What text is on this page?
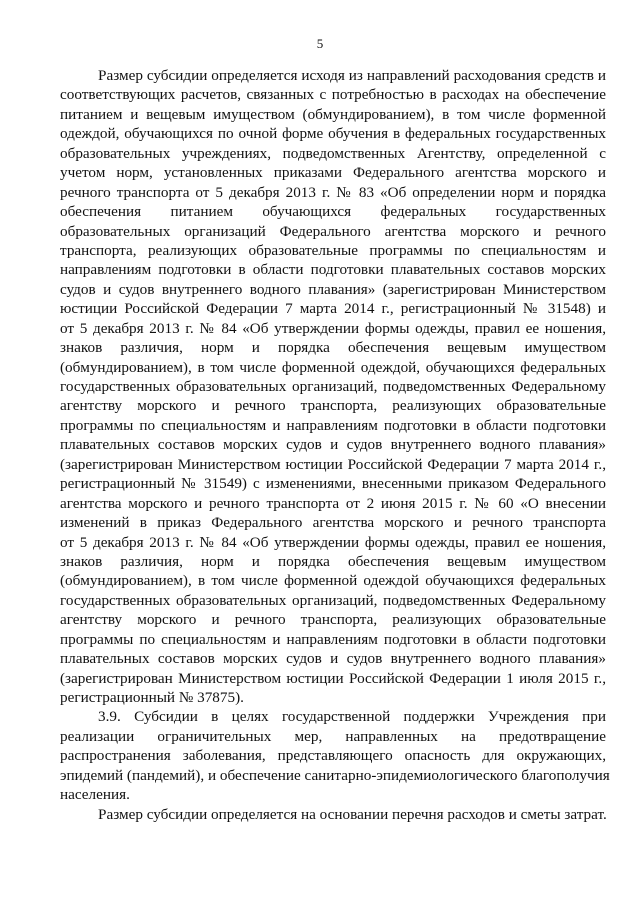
5
Размер субсидии определяется исходя из направлений расходования средств и
соответствующих расчетов, связанных с потребностью в расходах на обеспечение
питанием и вещевым имуществом (обмундированием), в том числе форменной
одеждой, обучающихся по очной форме обучения в федеральных государственных
образовательных учреждениях, подведомственных Агентству, определенной с
учетом норм, установленных приказами Федерального агентства морского и
речного транспорта от 5 декабря 2013 г. № 83 «Об определении норм и порядка
обеспечения питанием обучающихся федеральных государственных
образовательных организаций Федерального агентства морского и речного
транспорта, реализующих образовательные программы по специальностям и
направлениям подготовки в области подготовки плавательных составов морских
судов и судов внутреннего водного плавания» (зарегистрирован Министерством
юстиции Российской Федерации 7 марта 2014 г., регистрационный № 31548) и
от 5 декабря 2013 г. № 84 «Об утверждении формы одежды, правил ее ношения,
знаков различия, норм и порядка обеспечения вещевым имуществом
(обмундированием), в том числе форменной одеждой, обучающихся федеральных
государственных образовательных организаций, подведомственных Федеральному
агентству морского и речного транспорта, реализующих образовательные
программы по специальностям и направлениям подготовки в области подготовки
плавательных составов морских судов и судов внутреннего водного плавания»
(зарегистрирован Министерством юстиции Российской Федерации 7 марта 2014 г.,
регистрационный № 31549) с изменениями, внесенными приказом Федерального
агентства морского и речного транспорта от 2 июня 2015 г. № 60 «О внесении
изменений в приказ Федерального агентства морского и речного транспорта
от 5 декабря 2013 г. № 84 «Об утверждении формы одежды, правил ее ношения,
знаков различия, норм и порядка обеспечения вещевым имуществом
(обмундированием), в том числе форменной одеждой обучающихся федеральных
государственных образовательных организаций, подведомственных Федеральному
агентству морского и речного транспорта, реализующих образовательные
программы по специальностям и направлениям подготовки в области подготовки
плавательных составов морских судов и судов внутреннего водного плавания»
(зарегистрирован Министерством юстиции Российской Федерации 1 июля 2015 г.,
регистрационный № 37875).
3.9. Субсидии в целях государственной поддержки Учреждения при
реализации ограничительных мер, направленных на предотвращение
распространения заболевания, представляющего опасность для окружающих,
эпидемий (пандемий), и обеспечение санитарно-эпидемиологического благополучия
населения.
Размер субсидии определяется на основании перечня расходов и сметы затрат.
